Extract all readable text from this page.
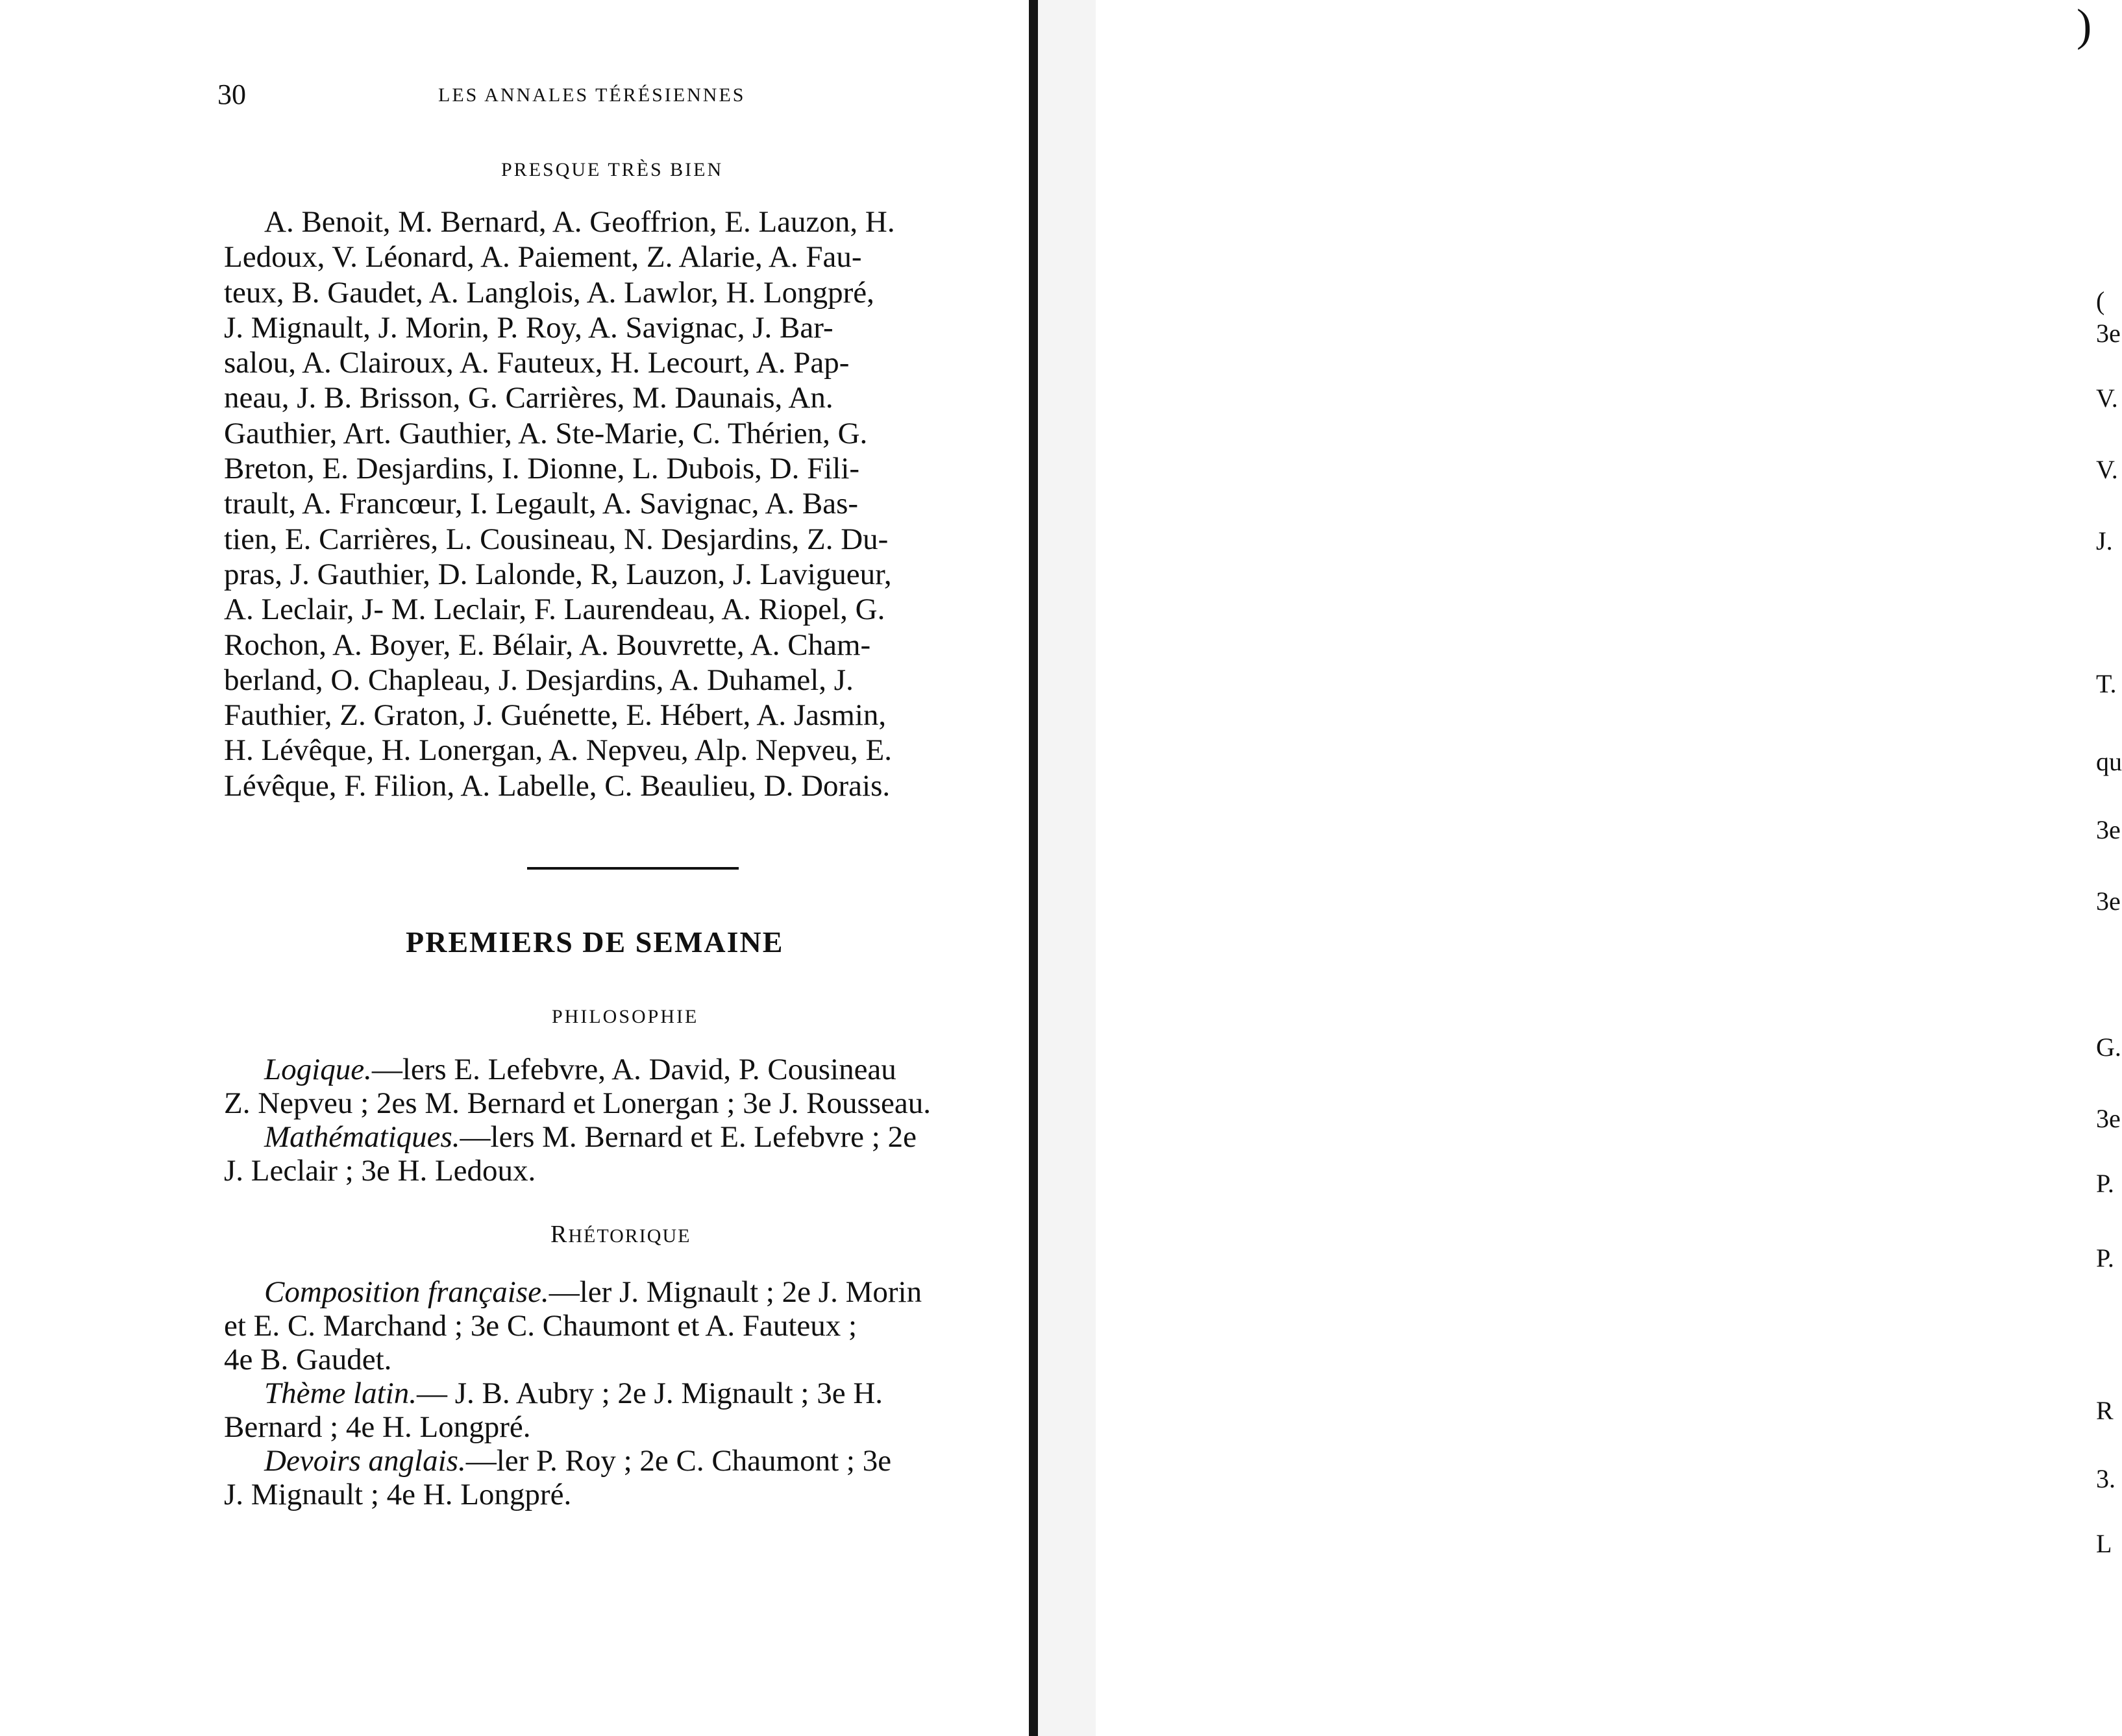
30	LES ANNALES TÉRÉSIENNES
PRESQUE TRÈS BIEN
A. Benoit, M. Bernard, A. Geoffrion, E. Lauzon, H.
Ledoux, V. Léonard, A. Paiement, Z. Alarie, A. Fau-
teux, B. Gaudet, A. Langlois, A. Lawlor, H. Longpré,
J. Mignault, J. Morin, P. Roy, A. Savignac, J. Bar-
salou, A. Clairoux, A. Fauteux, H. Lecourt, A. Pap-
neau, J. B. Brisson, G. Carrières, M. Daunais, An.
Gauthier, Art. Gauthier, A. Ste-Marie, C. Thérien, G.
Breton, E. Desjardins, I. Dionne, L. Dubois, D. Fili-
trault, A. Francœur, I. Legault, A. Savignac, A. Bas-
tien, E. Carrières, L. Cousineau, N. Desjardins, Z. Du-
pras, J. Gauthier, D. Lalonde, R, Lauzon, J. Lavigueur,
A. Leclair, J- M. Leclair, F. Laurendeau, A. Riopel, G.
Rochon, A. Boyer, E. Bélair, A. Bouvrette, A. Cham-
berland, O. Chapleau, J. Desjardins, A. Duhamel, J.
Fauthier, Z. Graton, J. Guénette, E. Hébert, A. Jasmin,
H. Lévêque, H. Lonergan, A. Nepveu, Alp. Nepveu, E.
Lévêque, F. Filion, A. Labelle, C. Beaulieu, D. Dorais.
PREMIERS DE SEMAINE
PHILOSOPHIE
Logique.—lers E. Lefebvre, A. David, P. Cousineau
Z. Nepveu ; 2es M. Bernard et Lonergan ; 3e J. Rousseau.
Mathématiques.—lers M. Bernard et E. Lefebvre ; 2e
J. Leclair ; 3e H. Ledoux.
RHÉTORIQUE
Composition française.—ler J. Mignault ; 2e J. Morin
et E. C. Marchand ; 3e C. Chaumont et A. Fauteux ;
4e B. Gaudet.
Thème latin.— J. B. Aubry ; 2e J. Mignault ; 3e H.
Bernard ; 4e H. Longpré.
Devoirs anglais.—ler P. Roy ; 2e C. Chaumont ; 3e
J. Mignault ; 4e H. Longpré.
)
(
3e
V.
V.
J.
T.
qu
3e
3e
G.
3e
P.
P.
R
3.
L
